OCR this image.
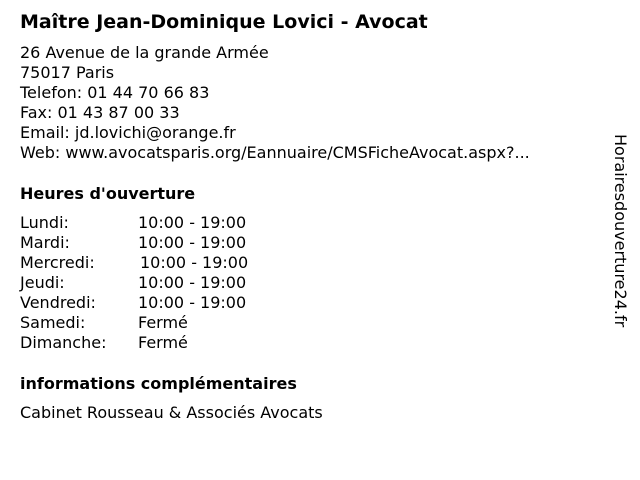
Maître Jean-Dominique Lovici - Avocat
26 Avenue de la grande Armée
75017 Paris
Telefon: 01 44 70 66 83
Fax: 01 43 87 00 33
Email: jd.lovichi@orange.fr
Web: www.avocatsparis.org/Eannuaire/CMSFicheAvocat.aspx?...
Heures d'ouverture
Lundi:	10:00 - 19:00
Mardi:	10:00 - 19:00
Mercredi:	10:00 - 19:00
Jeudi:	10:00 - 19:00
Vendredi:	10:00 - 19:00
Samedi:	Fermé
Dimanche:	Fermé
informations complémentaires
Cabinet Rousseau & Associés Avocats
Horairesdouverture24.fr
